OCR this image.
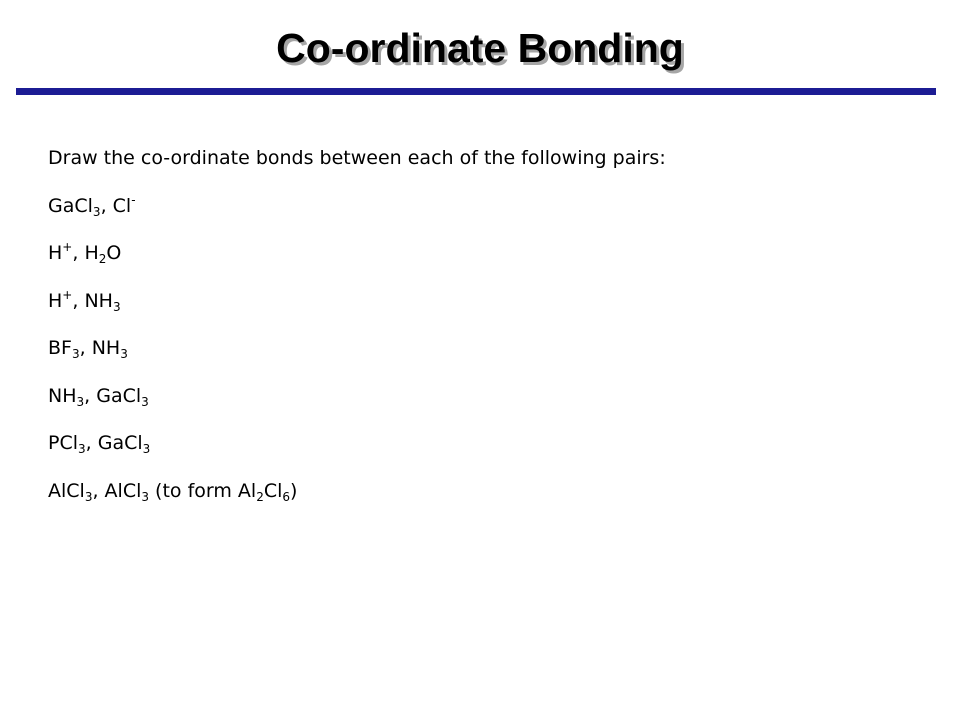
Co-ordinate Bonding
Draw the co-ordinate bonds between each of the following pairs:
GaCl$_3$, Cl-
H+, $H_2O$
H+, $NH_3$
$BF_3$, $NH_3$
$NH_3$, GaCl$_3$
PCl$_3$, GaCl$_3$
AlCl$_3$, AlCl$_3$ (to form $Al_2Cl_6$)
